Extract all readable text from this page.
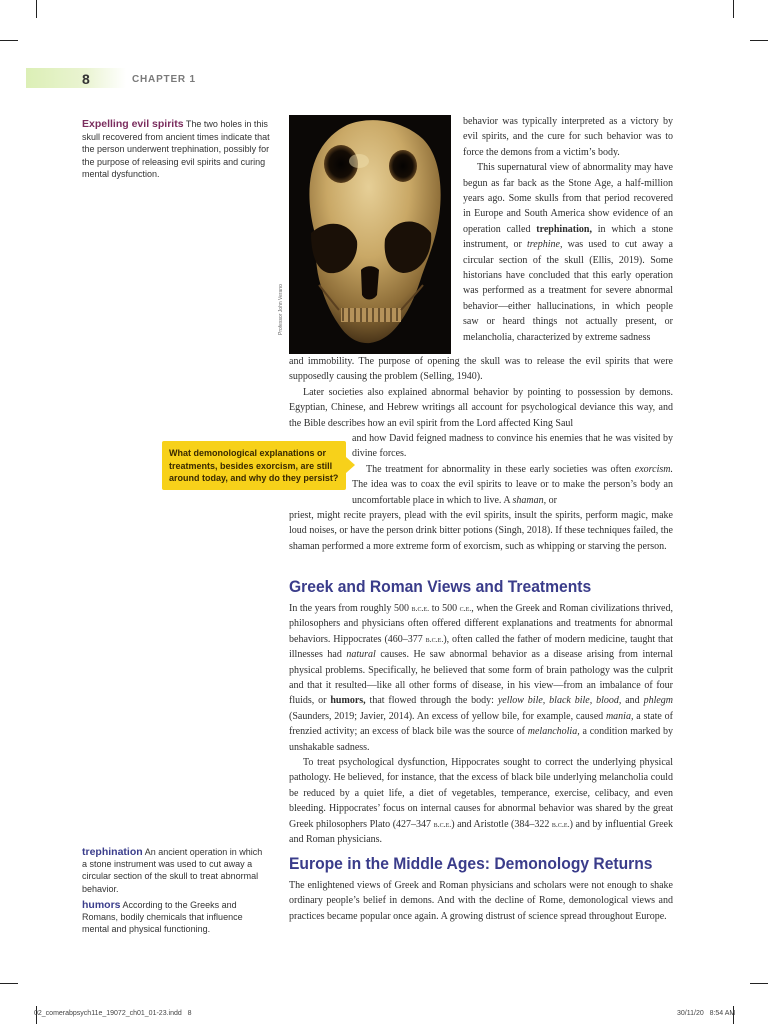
8	CHAPTER 1
Expelling evil spirits The two holes in this skull recovered from ancient times indicate that the person underwent trephination, possibly for the purpose of releasing evil spirits and curing mental dysfunction.
Professor John Verano

behavior was typically interpreted as a victory by evil spirits, and the cure for such behavior was to force the demons from a victim’s body.

This supernatural view of abnormality may have begun as far back as the Stone Age, a half-million years ago. Some skulls from that period recovered in Europe and South America show evidence of an operation called trephination, in which a stone instrument, or trephine, was used to cut away a circular section of the skull (Ellis, 2019). Some historians have concluded that this early operation was performed as a treatment for severe abnormal behavior—either hallucinations, in which people saw or heard things not actually present, or melancholia, characterized by extreme sadness

and immobility. The purpose of opening the skull was to release the evil spirits that were supposedly causing the problem (Selling, 1940).

Later societies also explained abnormal behavior by pointing to possession by demons. Egyptian, Chinese, and Hebrew writings all account for psychological deviance this way, and the Bible describes how an evil spirit from the Lord affected King Saul

and how David feigned madness to convince his enemies that he was visited by divine forces.

The treatment for abnormality in these early societies was often exorcism. The idea was to coax the evil spirits to leave or to make the person’s body an uncomfortable place in which to live. A shaman, or

priest, might recite prayers, plead with the evil spirits, insult the spirits, perform magic, make loud noises, or have the person drink bitter potions (Singh, 2018). If these techniques failed, the shaman performed a more extreme form of exorcism, such as whipping or starving the person.

What demonological explanations or treatments, besides exorcism, are still around today, and why do they persist?
Greek and Roman Views and Treatments

In the years from roughly 500 b.c.e. to 500 c.e., when the Greek and Roman civilizations thrived, philosophers and physicians often offered different explanations and treatments for abnormal behaviors. Hippocrates (460–377 b.c.e.), often called the father of modern medicine, taught that illnesses had natural causes. He saw abnormal behavior as a disease arising from internal physical problems. Specifically, he believed that some form of brain pathology was the culprit and that it resulted—like all other forms of disease, in his view—from an imbalance of four fluids, or humors, that flowed through the body: yellow bile, black bile, blood, and phlegm (Saunders, 2019; Javier, 2014). An excess of yellow bile, for example, caused mania, a state of frenzied activity; an excess of black bile was the source of melancholia, a condition marked by unshakable sadness.

To treat psychological dysfunction, Hippocrates sought to correct the underlying physical pathology. He believed, for instance, that the excess of black bile underlying melancholia could be reduced by a quiet life, a diet of vegetables, temperance, exercise, celibacy, and even bleeding. Hippocrates’ focus on internal causes for abnormal behavior was shared by the great Greek philosophers Plato (427–347 b.c.e.) and Aristotle (384–322 b.c.e.) and by influential Greek and Roman physicians.

Europe in the Middle Ages: Demonology Returns

The enlightened views of Greek and Roman physicians and scholars were not enough to shake ordinary people’s belief in demons. And with the decline of Rome, demonological views and practices became popular once again. A growing distrust of science spread throughout Europe.

trephination An ancient operation in which a stone instrument was used to cut away a circular section of the skull to treat abnormal behavior.
humors According to the Greeks and Romans, bodily chemicals that influence mental and physical functioning.
02_comerabpsych11e_19072_ch01_01-23.indd   8	30/11/20   8:54 AM
